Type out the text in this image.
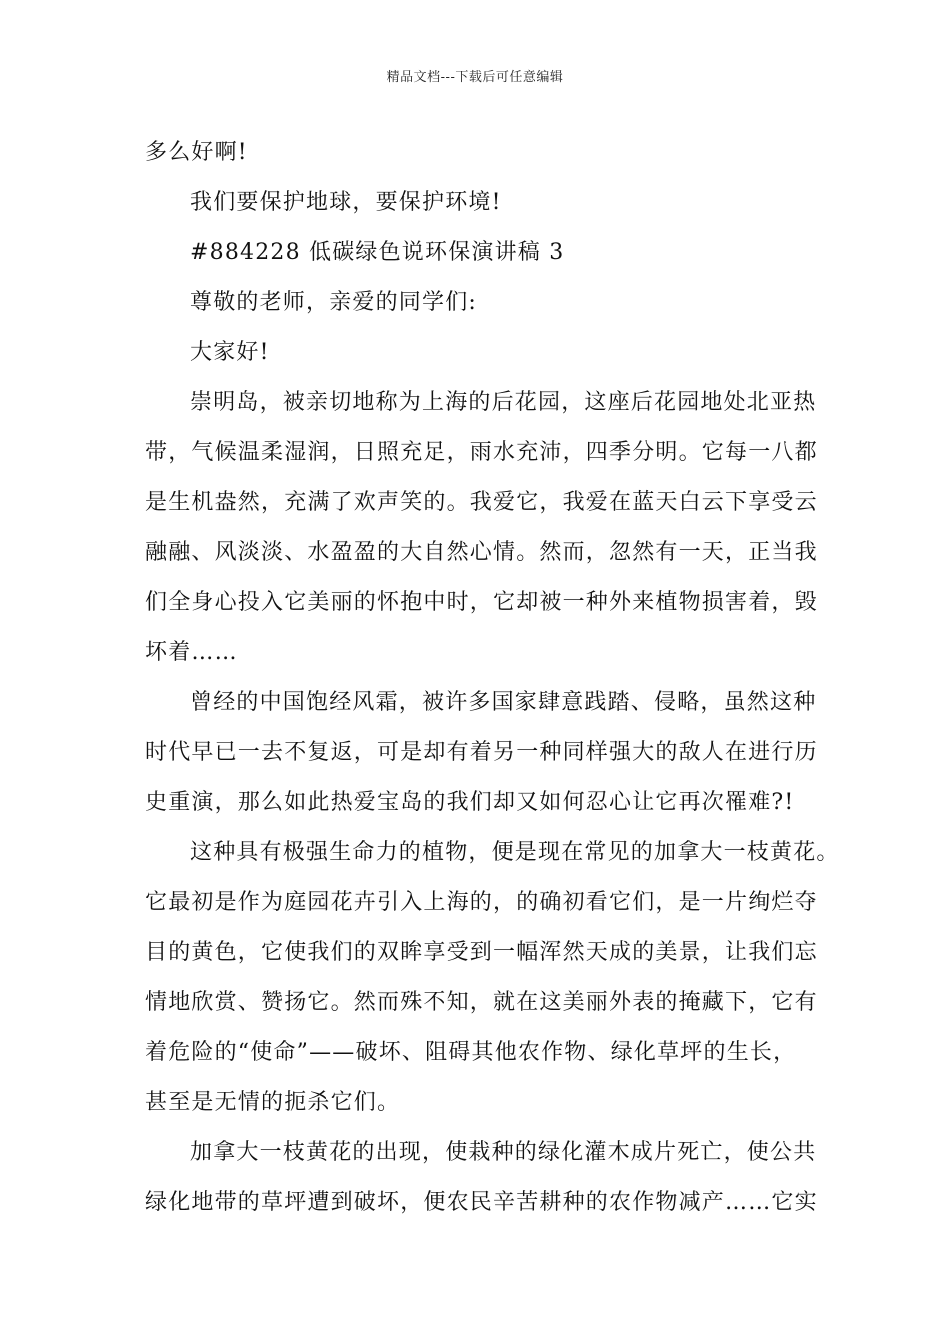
精品文档---下载后可任意编辑
多么好啊!
我们要保护地球，要保护环境!
#884228 低碳绿色说环保演讲稿 3
尊敬的老师，亲爱的同学们:
大家好!
崇明岛，被亲切地称为上海的后花园，这座后花园地处北亚热
带，气候温柔湿润，日照充足，雨水充沛，四季分明。它每一八都
是生机盎然，充满了欢声笑的。我爱它，我爱在蓝天白云下享受云
融融、风淡淡、水盈盈的大自然心情。然而，忽然有一天，正当我
们全身心投入它美丽的怀抱中时，它却被一种外来植物损害着，毁
坏着……
曾经的中国饱经风霜，被许多国家肆意践踏、侵略，虽然这种
时代早已一去不复返，可是却有着另一种同样强大的敌人在进行历
史重演，那么如此热爱宝岛的我们却又如何忍心让它再次罹难?!
这种具有极强生命力的植物，便是现在常见的加拿大一枝黄花。
它最初是作为庭园花卉引入上海的，的确初看它们，是一片绚烂夺
目的黄色，它使我们的双眸享受到一幅浑然天成的美景，让我们忘
情地欣赏、赞扬它。然而殊不知，就在这美丽外表的掩藏下，它有
着危险的“使命”——破坏、阻碍其他农作物、绿化草坪的生长，
甚至是无情的扼杀它们。
加拿大一枝黄花的出现，使栽种的绿化灌木成片死亡，使公共
绿化地带的草坪遭到破坏，便农民辛苦耕种的农作物减产……它实
